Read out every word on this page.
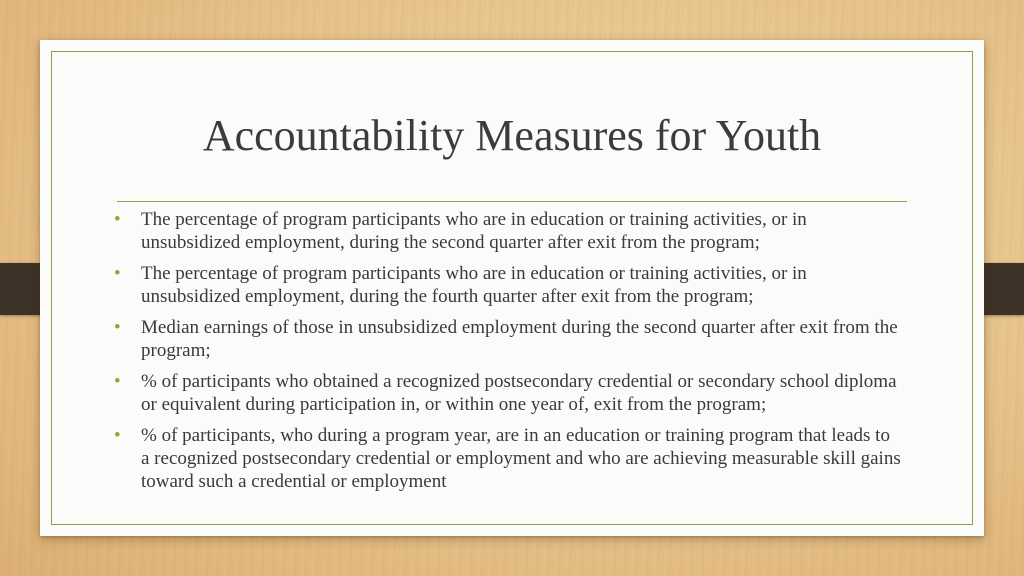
Accountability Measures for Youth
• The percentage of program participants who are in education or training activities, or in unsubsidized employment, during the second quarter after exit from the program;
• The percentage of program participants who are in education or training activities, or in unsubsidized employment, during the fourth quarter after exit from the program;
• Median earnings of those in unsubsidized employment during the second quarter after exit from the program;
• % of participants who obtained a recognized postsecondary credential or secondary school diploma or equivalent during participation in, or within one year of, exit from the program;
• % of participants, who during a program year, are in an education or training program that leads to a recognized postsecondary credential or employment and who are achieving measurable skill gains toward such a credential or employment
